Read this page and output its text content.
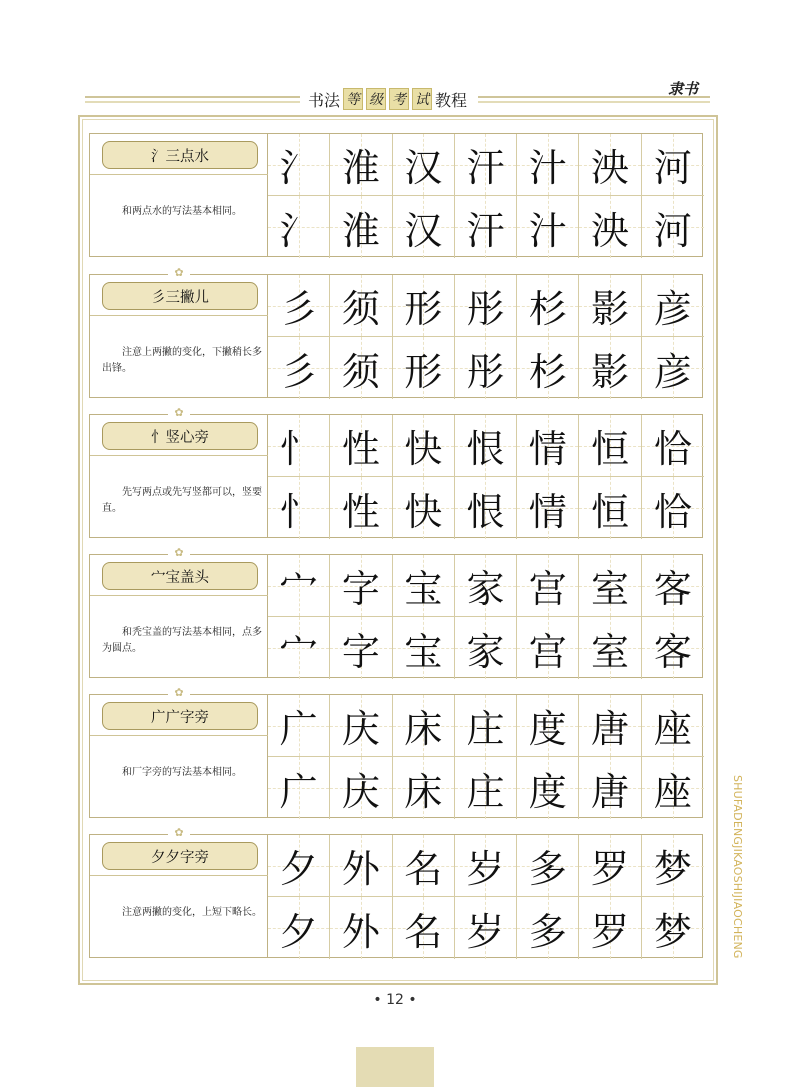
书法 等 级 考 试 教程
隶书
SHUFADENGJIKAOSHIJIAOCHENG
氵三点水
和两点水的写法基本相同。
氵 淮 汉 汗 汁 泱 河
氵 淮 汉 汗 汁 泱 河
✿
彡三撇儿
注意上两撇的变化，下撇稍长多出锋。
彡 须 形 彤 杉 影 彦
彡 须 形 彤 杉 影 彦
✿
忄竖心旁
先写两点或先写竖都可以，竖要直。
忄 性 快 恨 情 恒 恰
忄 性 快 恨 情 恒 恰
✿
宀宝盖头
和秃宝盖的写法基本相同，点多为圆点。
宀 字 宝 家 宫 室 客
宀 字 宝 家 宫 室 客
✿
广广字旁
和厂字旁的写法基本相同。
广 庆 床 庄 度 唐 座
广 庆 床 庄 度 唐 座
✿
夕夕字旁
注意两撇的变化，上短下略长。
夕 外 名 岁 多 罗 梦
夕 外 名 岁 多 罗 梦
• 12 •
